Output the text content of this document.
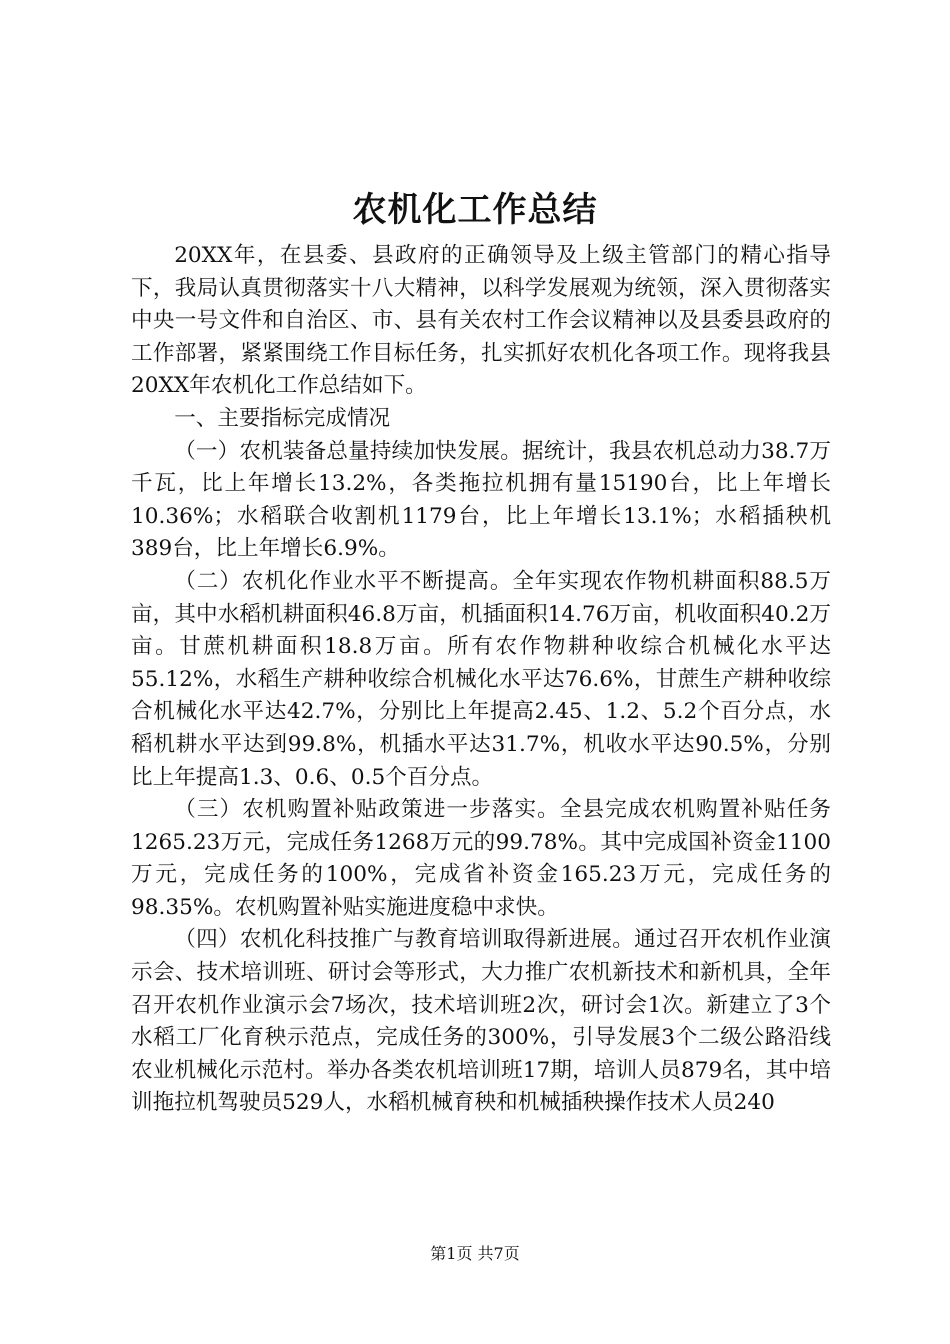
农机化工作总结

20XX年，在县委、县政府的正确领导及上级主管部门的精心指导下，我局认真贯彻落实十八大精神，以科学发展观为统领，深入贯彻落实中央一号文件和自治区、市、县有关农村工作会议精神以及县委县政府的工作部署，紧紧围绕工作目标任务，扎实抓好农机化各项工作。现将我县20XX年农机化工作总结如下。

一、主要指标完成情况

（一）农机装备总量持续加快发展。据统计，我县农机总动力38.7万千瓦，比上年增长13.2%，各类拖拉机拥有量15190台，比上年增长10.36%；水稻联合收割机1179台，比上年增长13.1%；水稻插秧机389台，比上年增长6.9%。

（二）农机化作业水平不断提高。全年实现农作物机耕面积88.5万亩，其中水稻机耕面积46.8万亩，机插面积14.76万亩，机收面积40.2万亩。甘蔗机耕面积18.8万亩。所有农作物耕种收综合机械化水平达55.12%，水稻生产耕种收综合机械化水平达76.6%，甘蔗生产耕种收综合机械化水平达42.7%，分别比上年提高2.45、1.2、5.2个百分点，水稻机耕水平达到99.8%，机插水平达31.7%，机收水平达90.5%，分别比上年提高1.3、0.6、0.5个百分点。

（三）农机购置补贴政策进一步落实。全县完成农机购置补贴任务1265.23万元，完成任务1268万元的99.78%。其中完成国补资金1100万元，完成任务的100%，完成省补资金165.23万元，完成任务的98.35%。农机购置补贴实施进度稳中求快。

（四）农机化科技推广与教育培训取得新进展。通过召开农机作业演示会、技术培训班、研讨会等形式，大力推广农机新技术和新机具，全年召开农机作业演示会7场次，技术培训班2次，研讨会1次。新建立了3个水稻工厂化育秧示范点，完成任务的300%，引导发展3个二级公路沿线农业机械化示范村。举办各类农机培训班17期，培训人员879名，其中培训拖拉机驾驶员529人，水稻机械育秧和机械插秧操作技术人员240

第1页 共7页
